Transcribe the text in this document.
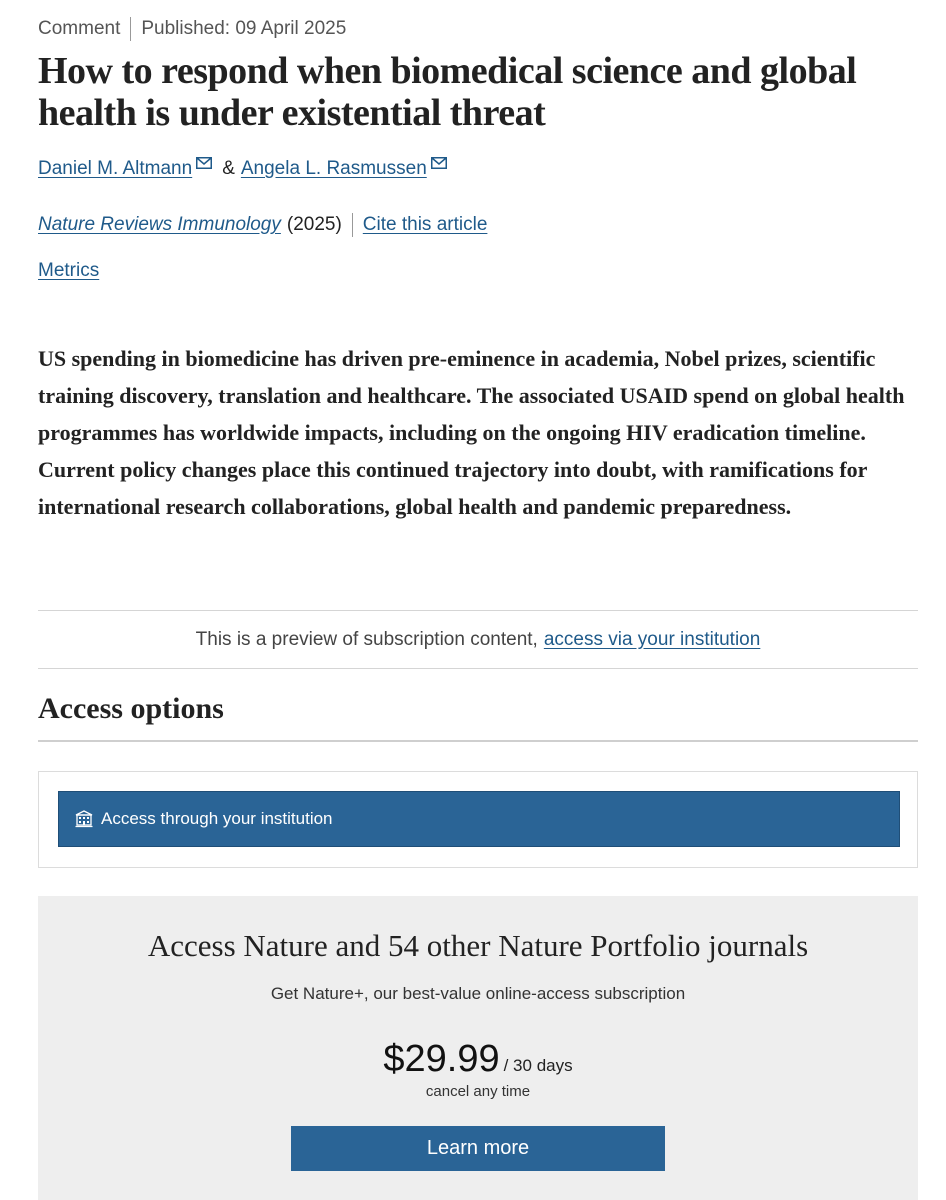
Comment Published: 09 April 2025
How to respond when biomedical science and global health is under existential threat
Daniel M. Altmann & Angela L. Rasmussen
Nature Reviews Immunology (2025) Cite this article
Metrics

US spending in biomedicine has driven pre-eminence in academia, Nobel prizes, scientific training discovery, translation and healthcare. The associated USAID spend on global health programmes has worldwide impacts, including on the ongoing HIV eradication timeline. Current policy changes place this continued trajectory into doubt, with ramifications for international research collaborations, global health and pandemic preparedness.

This is a preview of subscription content, access via your institution
Access options
Access through your institution
Access Nature and 54 other Nature Portfolio journals
Get Nature+, our best-value online-access subscription
$29.99 / 30 days
cancel any time
Learn more
